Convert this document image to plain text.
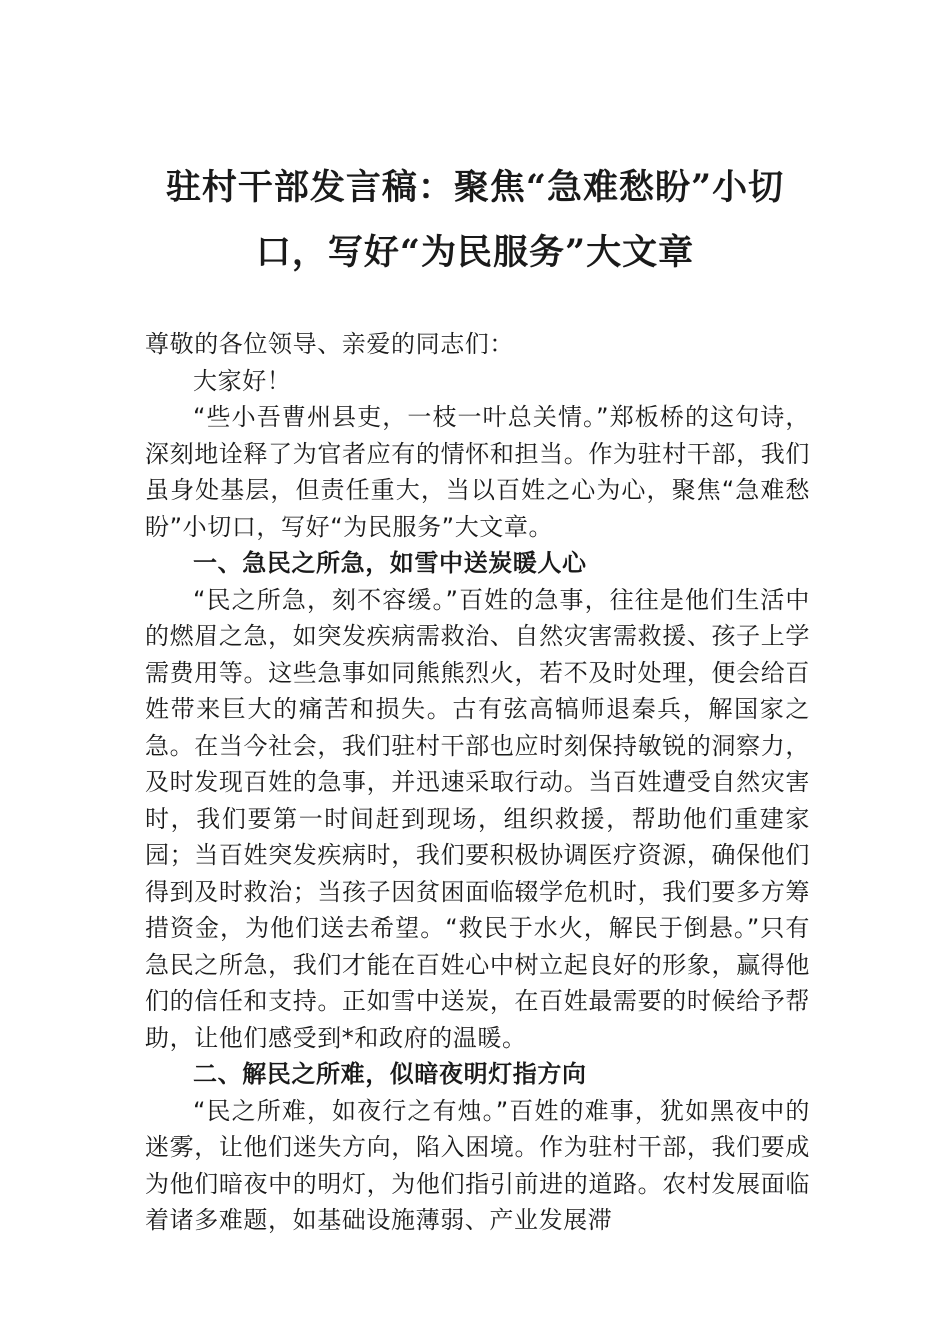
驻村干部发言稿：聚焦“急难愁盼”小切
口，写好“为民服务”大文章

尊敬的各位领导、亲爱的同志们：

大家好！

“些小吾曹州县吏，一枝一叶总关情。”郑板桥的这句诗，深刻地诠释了为官者应有的情怀和担当。作为驻村干部，我们虽身处基层，但责任重大，当以百姓之心为心，聚焦“急难愁盼”小切口，写好“为民服务”大文章。

一、急民之所急，如雪中送炭暖人心

“民之所急，刻不容缓。”百姓的急事，往往是他们生活中的燃眉之急，如突发疾病需救治、自然灾害需救援、孩子上学需费用等。这些急事如同熊熊烈火，若不及时处理，便会给百姓带来巨大的痛苦和损失。古有弦高犒师退秦兵，解国家之急。在当今社会，我们驻村干部也应时刻保持敏锐的洞察力，及时发现百姓的急事，并迅速采取行动。当百姓遭受自然灾害时，我们要第一时间赶到现场，组织救援，帮助他们重建家园；当百姓突发疾病时，我们要积极协调医疗资源，确保他们得到及时救治；当孩子因贫困面临辍学危机时，我们要多方筹措资金，为他们送去希望。“救民于水火，解民于倒悬。”只有急民之所急，我们才能在百姓心中树立起良好的形象，赢得他们的信任和支持。正如雪中送炭，在百姓最需要的时候给予帮助，让他们感受到*和政府的温暖。

二、解民之所难，似暗夜明灯指方向

“民之所难，如夜行之有烛。”百姓的难事，犹如黑夜中的迷雾，让他们迷失方向，陷入困境。作为驻村干部，我们要成为他们暗夜中的明灯，为他们指引前进的道路。农村发展面临着诸多难题，如基础设施薄弱、产业发展滞
